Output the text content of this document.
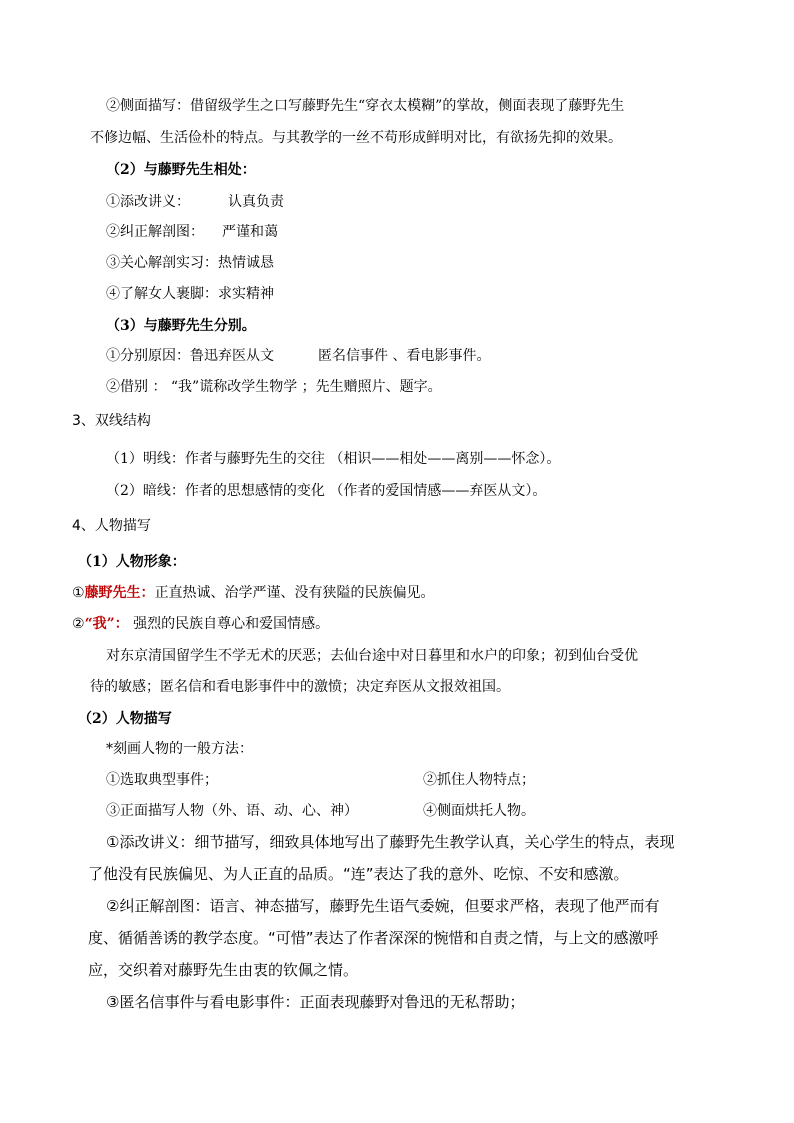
②侧面描写：借留级学生之口写藤野先生“穿衣太模糊”的掌故，侧面表现了藤野先生
不修边幅、生活俭朴的特点。与其教学的一丝不苟形成鲜明对比，有欲扬先抑的效果。
（2）与藤野先生相处：
①添改讲义：	认真负责
②纠正解剖图： 严谨和蔼
③关心解剖实习：热情诚恳
④了解女人裹脚：求实精神
（3）与藤野先生分别。
①分别原因：鲁迅弃医从文	匿名信事件 、看电影事件。
②借别 ： “我”谎称改学生物学 ；先生赠照片、题字。
3、双线结构
（1）明线：作者与藤野先生的交往 （相识——相处——离别——怀念）。
（2）暗线：作者的思想感情的变化 （作者的爱国情感——弃医从文）。
4、人物描写
（1）人物形象：
①藤野先生：正直热诚、治学严谨、没有狭隘的民族偏见。
②“我”： 强烈的民族自尊心和爱国情感。
对东京清国留学生不学无术的厌恶；去仙台途中对日暮里和水户的印象；初到仙台受优
待的敏感；匿名信和看电影事件中的激愤；决定弃医从文报效祖国。
（2）人物描写
*刻画人物的一般方法：
①选取典型事件；	②抓住人物特点；
③正面描写人物（外、语、动、心、神）	④侧面烘托人物。
①添改讲义：细节描写，细致具体地写出了藤野先生教学认真，关心学生的特点，表现
了他没有民族偏见、为人正直的品质。“连”表达了我的意外、吃惊、不安和感激。
②纠正解剖图：语言、神态描写，藤野先生语气委婉，但要求严格，表现了他严而有
度、循循善诱的教学态度。“可惜”表达了作者深深的惋惜和自责之情，与上文的感激呼
应，交织着对藤野先生由衷的钦佩之情。
③匿名信事件与看电影事件：正面表现藤野对鲁迅的无私帮助；
